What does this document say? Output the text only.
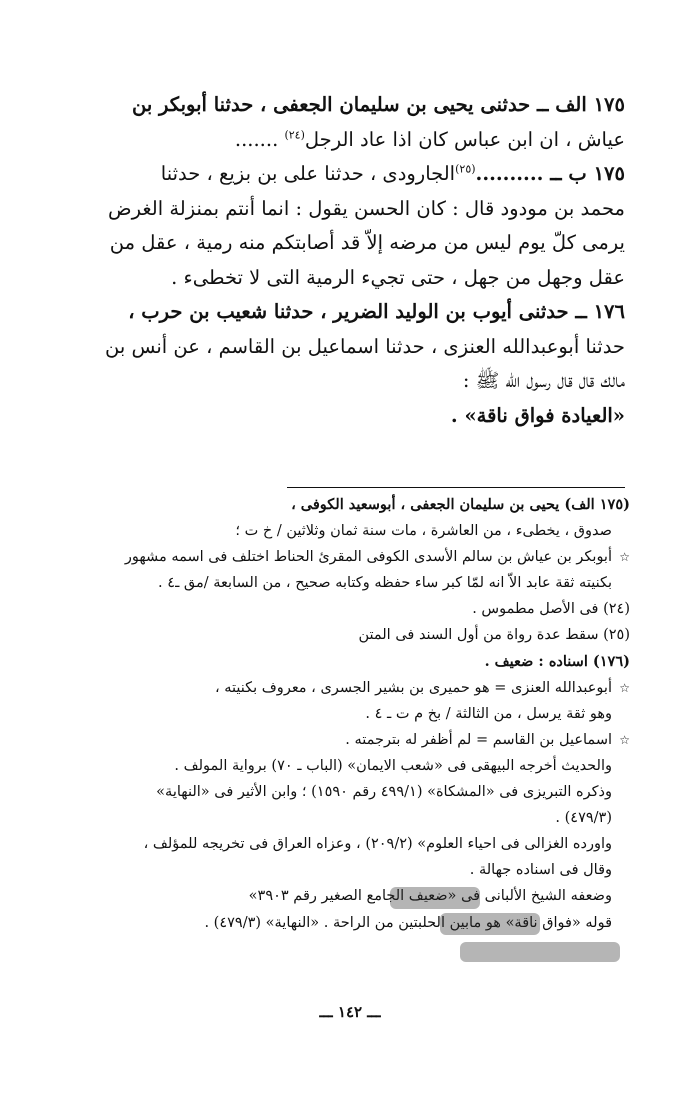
١٧٥ الف ــ حدثنى يحيى بن سليمان الجعفى ، حدثنا أبوبكر بن

عياش ، ان ابن عباس كان اذا عاد الرجل$^{(٢٤)}$ .......

١٧٥ ب ــ ..........$^{(٢٥)}$الجارودى ، حدثنا على بن بزيع ، حدثنا

محمد بن مودود قال : كان الحسن يقول : انما أنتم بمنزلة الغرض

يرمى كلّ يوم ليس من مرضه إلاّ قد أصابتكم منه رمية ، عقل من

عقل وجهل من جهل ، حتى تجيء الرمية التى لا تخطىء .

١٧٦ ــ حدثنى أيوب بن الوليد الضرير ، حدثنا شعيب بن حرب ،

حدثنا أبوعبدالله العنزى ، حدثنا اسماعيل بن القاسم ، عن أنس بن

مالك قال قال رسول الله ﷺ :

«العيادة فواق ناقة» .

(١٧٥ الف) يحيى بن سليمان الجعفى ، أبوسعيد الكوفى ،
صدوق ، يخطىء ، من العاشرة ، مات سنة ثمان وثلاثين / خ ت ؛
☆أبوبكر بن عياش بن سالم الأسدى الكوفى المقرئ الحناط اختلف فى اسمه مشهور
بكنيته ثقة عابد الاّ انه لمّا كبر ساء حفظه وكتابه صحيح ، من السابعة /مق ـ٤ .
(٢٤) فى الأصل مطموس .
(٢٥) سقط عدة رواة من أول السند فى المتن
(١٧٦) اسناده : ضعيف .
☆أبوعبدالله العنزى = هو حميرى بن بشير الجسرى ، معروف بكنيته ،
وهو ثقة يرسل ، من الثالثة / بخ م ت ـ ٤ .
☆اسماعيل بن القاسم = لم أظفر له بترجمته .
والحديث أخرجه البيهقى فى «شعب الايمان» (الباب ـ ٧٠) برواية المولف .
وذكره التبريزى فى «المشكاة» (٤٩٩/١ رقم ١٥٩٠) ؛ وابن الأثير فى «النهاية»
(٤٧٩/٣) .
واورده الغزالى فى احياء العلوم» (٢٠٩/٢) ، وعزاه العراق فى تخريجه للمؤلف ،
وقال فى اسناده جهالة .
وضعفه الشيخ الألبانى فى «ضعيف الجامع الصغير رقم ٣٩٠٣»
قوله «فواق ناقة» هو مابين الحلبتين من الراحة . «النهاية» (٤٧٩/٣) .
ـــ ١٤٢ ـــ
